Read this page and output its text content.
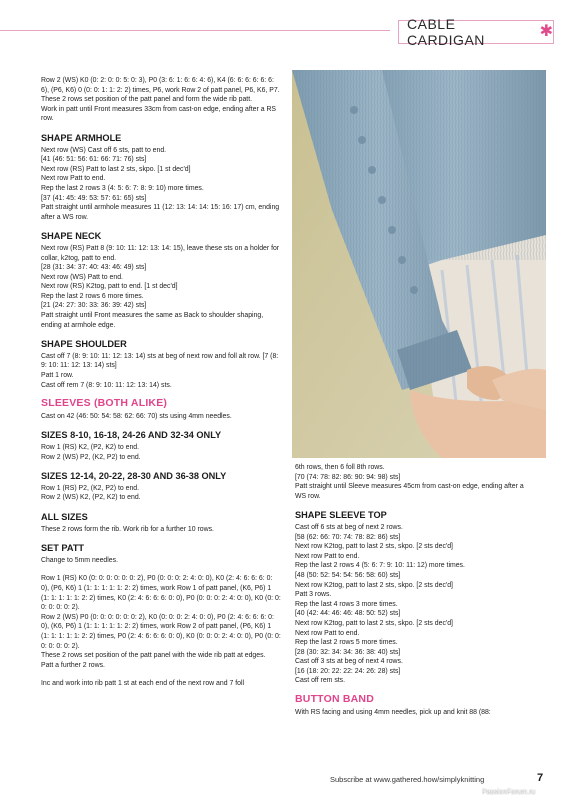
CABLE CARDIGAN	✱

Row 2 (WS) K0 (0: 2: 0: 0: 5: 0: 3), P0 (3: 6: 1: 6: 6: 4: 6), K4 (6: 6: 6: 6: 6: 6: 6), (P6, K6) 0 (0: 0: 1: 1: 2: 2) times, P6, work Row 2 of patt panel, P6, K6, P7.

These 2 rows set position of the patt panel and form the wide rib patt.

Work in patt until Front measures 33cm from cast-on edge, ending after a RS row.

SHAPE ARMHOLE

Next row (WS) Cast off 6 sts, patt to end.

[41 (46: 51: 56: 61: 66: 71: 76) sts]

Next row (RS) Patt to last 2 sts, skpo. [1 st dec'd]

Next row Patt to end.

Rep the last 2 rows 3 (4: 5: 6: 7: 8: 9: 10) more times.

[37 (41: 45: 49: 53: 57: 61: 65) sts]

Patt straight until armhole measures 11 (12: 13: 14: 14: 15: 16: 17) cm, ending after a WS row.

SHAPE NECK

Next row (RS) Patt 8 (9: 10: 11: 12: 13: 14: 15), leave these sts on a holder for collar, k2tog, patt to end.

[28 (31: 34: 37: 40: 43: 46: 49) sts]

Next row (WS) Patt to end.

Next row (RS) K2tog, patt to end. [1 st dec'd]

Rep the last 2 rows 6 more times.

[21 (24: 27: 30: 33: 36: 39: 42) sts]

Patt straight until Front measures the same as Back to shoulder shaping, ending at armhole edge.

SHAPE SHOULDER

Cast off 7 (8: 9: 10: 11: 12: 13: 14) sts at beg of next row and foll alt row. [7 (8: 9: 10: 11: 12: 13: 14) sts]

Patt 1 row.

Cast off rem 7 (8: 9: 10: 11: 12: 13: 14) sts.

SLEEVES (BOTH ALIKE)

Cast on 42 (46: 50: 54: 58: 62: 66: 70) sts using 4mm needles.

SIZES 8-10, 16-18, 24-26 AND 32-34 ONLY

Row 1 (RS) K2, (P2, K2) to end.

Row 2 (WS) P2, (K2, P2) to end.

SIZES 12-14, 20-22, 28-30 AND 36-38 ONLY

Row 1 (RS) P2, (K2, P2) to end.

Row 2 (WS) K2, (P2, K2) to end.

ALL SIZES

These 2 rows form the rib. Work rib for a further 10 rows.

SET PATT

Change to 5mm needles.

Row 1 (RS) K0 (0: 0: 0: 0: 0: 0: 2), P0 (0: 0: 0: 2: 4: 0: 0), K0 (2: 4: 6: 6: 6: 0: 0), (P6, K6) 1 (1: 1: 1: 1: 1: 2: 2) times, work Row 1 of patt panel, (K6, P6) 1 (1: 1: 1: 1: 1: 2: 2) times, K0 (2: 4: 6: 6: 6: 0: 0), P0 (0: 0: 0: 2: 4: 0: 0), K0 (0: 0: 0: 0: 0: 0: 2).

Row 2 (WS) P0 (0: 0: 0: 0: 0: 0: 2), K0 (0: 0: 0: 2: 4: 0: 0), P0 (2: 4: 6: 6: 6: 0: 0), (K6, P6) 1 (1: 1: 1: 1: 1: 2: 2) times, work Row 2 of patt panel, (P6, K6) 1 (1: 1: 1: 1: 1: 2: 2) times, P0 (2: 4: 6: 6: 6: 0: 0), K0 (0: 0: 0: 2: 4: 0: 0), P0 (0: 0: 0: 0: 0: 0: 2).

These 2 rows set position of the patt panel with the wide rib patt at edges.

Patt a further 2 rows.

Inc and work into rib patt 1 st at each end of the next row and 7 foll

6th rows, then 6 foll 8th rows.

[70 (74: 78: 82: 86: 90: 94: 98) sts]

Patt straight until Sleeve measures 45cm from cast-on edge, ending after a WS row.

SHAPE SLEEVE TOP

Cast off 6 sts at beg of next 2 rows.

[58 (62: 66: 70: 74: 78: 82: 86) sts]

Next row K2tog, patt to last 2 sts, skpo. [2 sts dec'd]

Next row Patt to end.

Rep the last 2 rows 4 (5: 6: 7: 9: 10: 11: 12) more times.

[48 (50: 52: 54: 54: 56: 58: 60) sts]

Next row K2tog, patt to last 2 sts, skpo. [2 sts dec'd]

Patt 3 rows.

Rep the last 4 rows 3 more times.

[40 (42: 44: 46: 46: 48: 50: 52) sts]

Next row K2tog, patt to last 2 sts, skpo. [2 sts dec'd]

Next row Patt to end.

Rep the last 2 rows 5 more times.

[28 (30: 32: 34: 34: 36: 38: 40) sts]

Cast off 3 sts at beg of next 4 rows.

[16 (18: 20: 22: 22: 24: 26: 28) sts]

Cast off rem sts.

BUTTON BAND

With RS facing and using 4mm needles, pick up and knit 88 (88:

Subscribe at www.gathered.how/simplyknitting	7
PassionForum.ru
